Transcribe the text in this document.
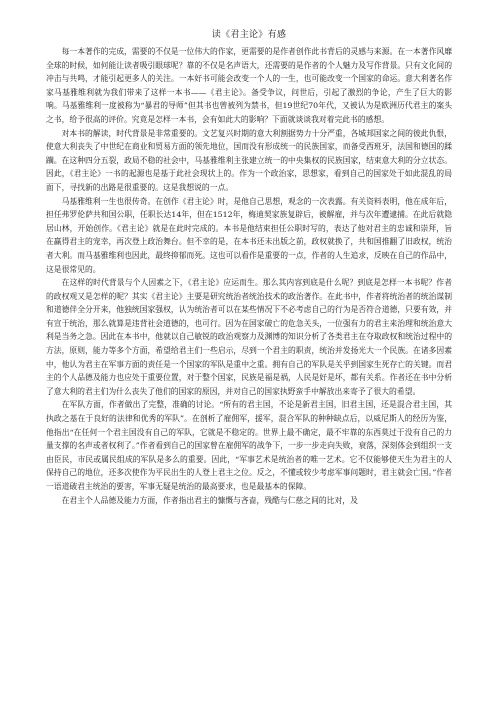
读《君主论》有感

每一本著作的完成，需要的不仅是一位伟大的作家，更需要的是作者创作此书背后的灵感与来源。在一本著作风靡全球的时候，如何能让读者吸引眼球呢？靠的不仅是名声语大，还需要的是作者的个人魅力及写作背景。只有文化间的冲击与共鸣，才能引起更多人的关注。一本好书可能会改变一个人的一生，也可能改变一个国家的命运。意大利著名作家马基雅维利就为我们带来了这样一本书——《君主论》。备受争议，问世后，引起了激烈的争论，产生了巨大的影响。马基雅维利一度被称为“暴君的导师”但其书也曾被列为禁书，但19世纪70年代，又被认为是欧洲历代君主的案头之书，给予很高的评价。究竟是怎样一本书，会有如此大的影响？下面就谈谈我对着完此书的感想。

对本书的解读，时代背景是非常重要的。文艺复兴时期的意大利割据势力十分严重，各城邦国家之间的彼此仇恨，使意大利丧失了中世纪在商业和贸易方面的领先地位，国而没有形成统一的民族国家，而备受西班牙，法国和德国的蹂躏。在这种四分五裂，政局不稳的社会中，马基雅维利主张建立统一的中央集权的民族国家，结束意大利的分立状态。因此，《君主论》一书的起源也是基于此社会现状上的。作为一个政治家，思想家，看到自己的国家处于如此混乱的局面下，寻找新的出路是很重要的。这是我想说的一点。

马基雅维利一生也很传奇。在创作《君主论》时，是他自己思想，观念的一次表露。有关资料表明，他在成年后，担任弗罗伦萨共和国公职，任职长达14年，但在1512年，梅迪契家族复辟后，被解雇，并与次年遭逮捕。在此后就隐居山林，开始创作。《君主论》就是在此时完成的。本书是他结束担任公职时写的，表达了他对君主的忠诚和崇拜，旨在赢得君主的宠幸，再次登上政治舞台。但不幸的是，在本书还未出版之前，政权就换了，共和国推翻了旧政权，统治者大利。而马基雅维利也因此，最终抑郁而死。这也可以看作是重要的一点，作者的人生追求，反映在自己的作品中，这是很常见的。

在这样的时代背景与个人因素之下，《君主论》应运而生。那么其内容到底是什么呢？到底是怎样一本书呢？作者的政权观又是怎样的呢？其实《君主论》主要是研究统治者统治技术的政治著作。在此书中，作者将统治者的统治谋制和道德伴全分开来，他独统国家强权，认为统治者可以在某些情况下不必考虑自己的行为是否符合道德，只要有效，并有宣于统治，那么就算是违背社会道德的，也可行。因为在国家破亡的危急关头，一位强有力的君主来治理和统治意大利是当务之急。因此在本书中，他就以自己敏锐的政治观察力及渊博的知识分析了各类君主在夺取政权和统治过程中的方法，原则，能力等多个方面，希望给君主们一些启示，尽到一个君主的职责，统治并发扬光大一个民族。在诸多因素中，他认为君主在军事方面的责任是一个国家的军队是重中之重。拥有自己的军队是关乎到国家生死存亡的关键。而君主的个人品德及能力也应处于重要位置，对于整个国家，民族是福是祸，人民是好是坏，都有关系。作者还在书中分析了意大利的君主们为什么丧失了他们的国家的原因，并对自己的国家执野蛮手中解放出来寄予了很大的希望。

在军队方面，作者做出了完整，准确的讨论。“所有的君主国，不论是新君主国，旧君主国，还是混合君主国，其执政之基在于良好的法律和优秀的军队”。在剖析了雇佣军，援军，混合军队的种种缺点后，以威尼斯人的经历为鉴，他指出“在任何一个君主国没有自己的军队，它就是不稳定的。世界上最不确定，最不牢靠的东西莫过于没有自己的力量支撑的名声或者权利了。”作者看到自己的国家曾在雇佣军的战争下，一步一步走向失败，衰落，深刻体会到组织一支由臣民，市民或属民组成的军队是多么的重要。因此，“军事艺术是统治者的唯一艺术。它不仅能够使天生为君主的人保持自己的地位，还多次使作为平民出生的人登上君主之位。反之，不懂或较少考虑军事问题时，君主就会亡国。”作者一语道破君主统治的要害，军事无疑是统治的最高要求，也是最基本的保障。

在君主个人品德及能力方面，作者指出君主的慷慨与吝啬，残酷与仁慈之间的比对，及
